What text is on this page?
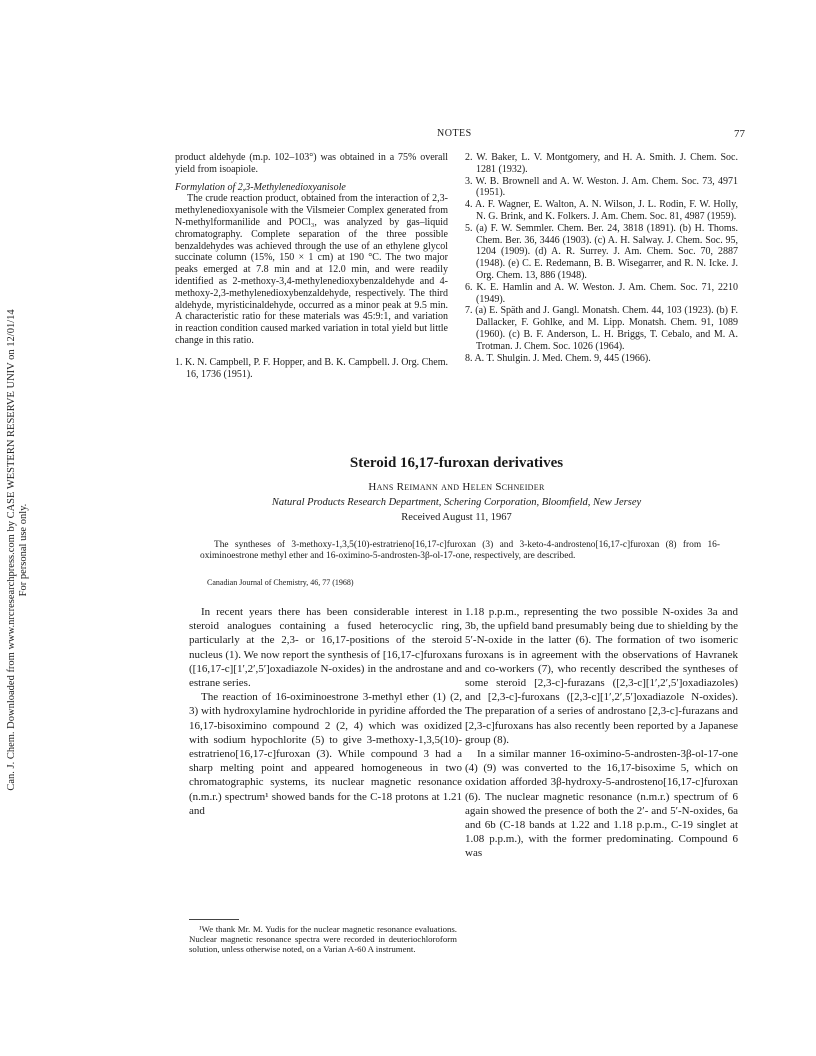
Can. J. Chem. Downloaded from www.nrcresearchpress.com by CASE WESTERN RESERVE UNIV on 12/01/14 For personal use only.
NOTES	77

product aldehyde (m.p. 102–103°) was obtained in a 75% overall yield from isoapiole.

Formylation of 2,3-Methylenedioxyanisole

The crude reaction product, obtained from the interaction of 2,3-methylenedioxyanisole with the Vilsmeier Complex generated from N-methylformanilide and POCl₃, was analyzed by gas–liquid chromatography. Complete separation of the three possible benzaldehydes was achieved through the use of an ethylene glycol succinate column (15%, 150 × 1 cm) at 190 °C. The two major peaks emerged at 7.8 min and at 12.0 min, and were readily identified as 2-methoxy-3,4-methylenedioxybenzaldehyde and 4-methoxy-2,3-methylenedioxybenzaldehyde, respectively. The third aldehyde, myristicinaldehyde, occurred as a minor peak at 9.5 min. A characteristic ratio for these materials was 45:9:1, and variation in reaction condition caused marked variation in total yield but little change in this ratio.

1. K. N. Campbell, P. F. Hopper, and B. K. Campbell. J. Org. Chem. 16, 1736 (1951).

2. W. Baker, L. V. Montgomery, and H. A. Smith. J. Chem. Soc. 1281 (1932).

3. W. B. Brownell and A. W. Weston. J. Am. Chem. Soc. 73, 4971 (1951).

4. A. F. Wagner, E. Walton, A. N. Wilson, J. L. Rodin, F. W. Holly, N. G. Brink, and K. Folkers. J. Am. Chem. Soc. 81, 4987 (1959).

5. (a) F. W. Semmler. Chem. Ber. 24, 3818 (1891). (b) H. Thoms. Chem. Ber. 36, 3446 (1903). (c) A. H. Salway. J. Chem. Soc. 95, 1204 (1909). (d) A. R. Surrey. J. Am. Chem. Soc. 70, 2887 (1948). (e) C. E. Redemann, B. B. Wisegarrer, and R. N. Icke. J. Org. Chem. 13, 886 (1948).

6. K. E. Hamlin and A. W. Weston. J. Am. Chem. Soc. 71, 2210 (1949).

7. (a) E. Späth and J. Gangl. Monatsh. Chem. 44, 103 (1923). (b) F. Dallacker, F. Gohlke, and M. Lipp. Monatsh. Chem. 91, 1089 (1960). (c) B. F. Anderson, L. H. Briggs, T. Cebalo, and M. A. Trotman. J. Chem. Soc. 1026 (1964).

8. A. T. Shulgin. J. Med. Chem. 9, 445 (1966).

Steroid 16,17-furoxan derivatives

Hans Reimann and Helen Schneider

Natural Products Research Department, Schering Corporation, Bloomfield, New Jersey

Received August 11, 1967

The syntheses of 3-methoxy-1,3,5(10)-estratrieno[16,17-c]furoxan (3) and 3-keto-4-androsteno[16,17-c]furoxan (8) from 16-oximinoestrone methyl ether and 16-oximino-5-androsten-3β-ol-17-one, respectively, are described.

Canadian Journal of Chemistry, 46, 77 (1968)

In recent years there has been considerable interest in steroid analogues containing a fused heterocyclic ring, particularly at the 2,3- or 16,17-positions of the steroid nucleus (1). We now report the synthesis of [16,17-c]furoxans ([16,17-c][1′,2′,5′]oxadiazole N-oxides) in the androstane and estrane series.

The reaction of 16-oximinoestrone 3-methyl ether (1) (2, 3) with hydroxylamine hydrochloride in pyridine afforded the 16,17-bisoximino compound 2 (2, 4) which was oxidized with sodium hypochlorite (5) to give 3-methoxy-1,3,5(10)-estratrieno[16,17-c]furoxan (3). While compound 3 had a sharp melting point and appeared homogeneous in two chromatographic systems, its nuclear magnetic resonance (n.m.r.) spectrum¹ showed bands for the C-18 protons at 1.21 and

¹We thank Mr. M. Yudis for the nuclear magnetic resonance evaluations. Nuclear magnetic resonance spectra were recorded in deuteriochloroform solution, unless otherwise noted, on a Varian A-60 A instrument.

1.18 p.p.m., representing the two possible N-oxides 3a and 3b, the upfield band presumably being due to shielding by the 5′-N-oxide in the latter (6). The formation of two isomeric furoxans is in agreement with the observations of Havranek and co-workers (7), who recently described the syntheses of some steroid [2,3-c]-furazans ([2,3-c][1′,2′,5′]oxadiazoles) and [2,3-c]-furoxans ([2,3-c][1′,2′,5′]oxadiazole N-oxides). The preparation of a series of androstano [2,3-c]-furazans and [2,3-c]furoxans has also recently been reported by a Japanese group (8).

In a similar manner 16-oximino-5-androsten-3β-ol-17-one (4) (9) was converted to the 16,17-bisoxime 5, which on oxidation afforded 3β-hydroxy-5-androsteno[16,17-c]furoxan (6). The nuclear magnetic resonance (n.m.r.) spectrum of 6 again showed the presence of both the 2′- and 5′-N-oxides, 6a and 6b (C-18 bands at 1.22 and 1.18 p.p.m., C-19 singlet at 1.08 p.p.m.), with the former predominating. Compound 6 was
